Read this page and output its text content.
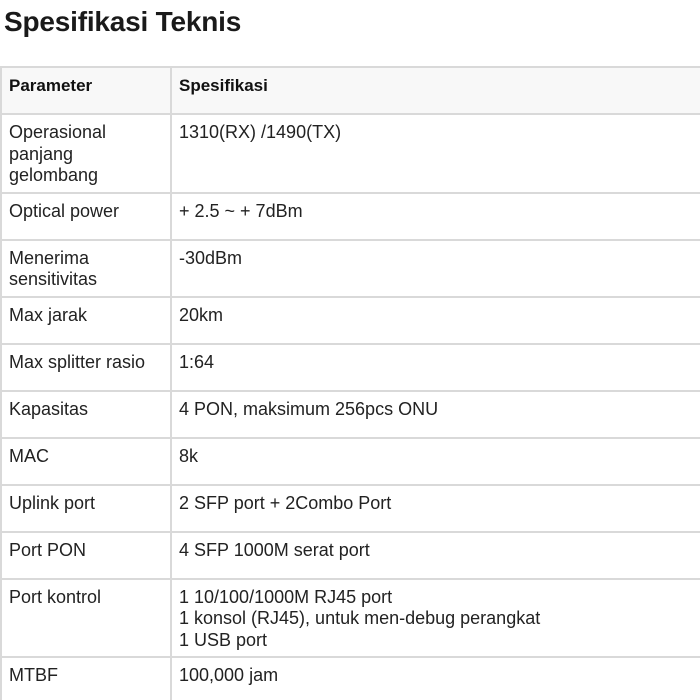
Spesifikasi Teknis
Parameter	Spesifikasi
Operasional
panjang
gelombang	1310(RX) /1490(TX)
Optical power	+ 2.5 ~ + 7dBm
Menerima
sensitivitas	-30dBm
Max jarak	20km
Max splitter rasio	1:64
Kapasitas	4 PON, maksimum 256pcs ONU
MAC	8k
Uplink port	2 SFP port + 2Combo Port
Port PON	4 SFP 1000M serat port
Port kontrol	1 10/100/1000M RJ45 port
1 konsol (RJ45), untuk men-debug perangkat
1 USB port
MTBF	100,000 jam
